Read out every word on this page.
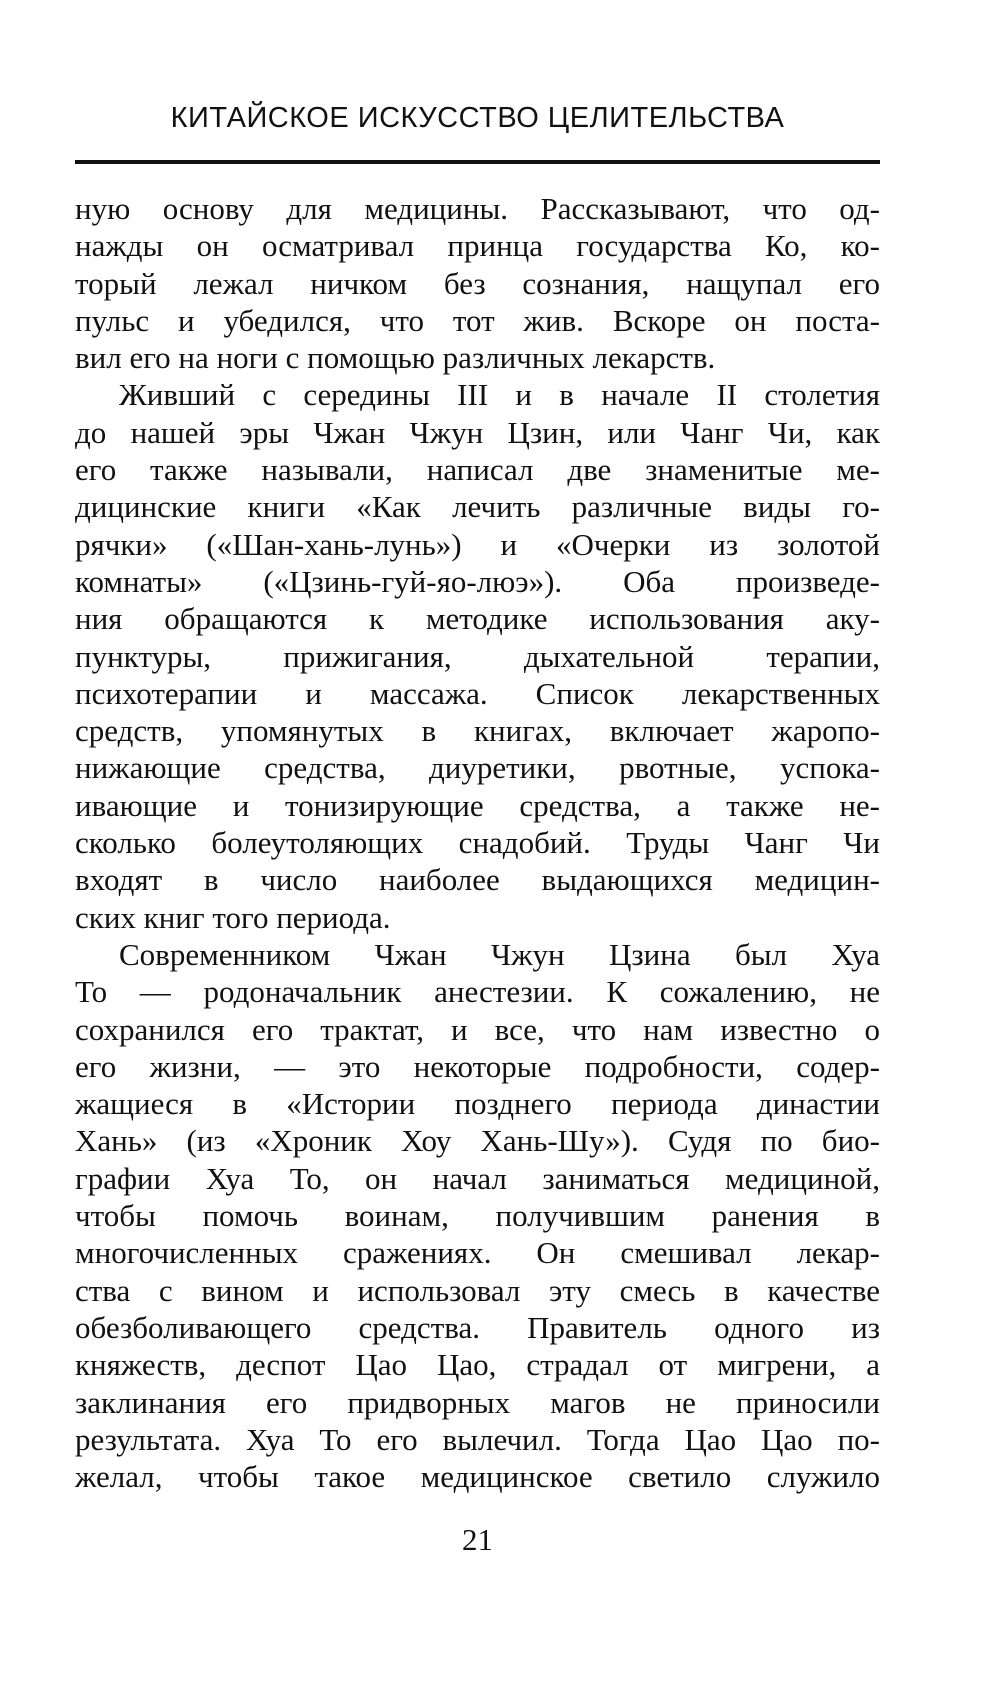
КИТАЙСКОЕ ИСКУССТВО ЦЕЛИТЕЛЬСТВА
ную основу для медицины. Рассказывают, что од-
нажды он осматривал принца государства Ко, ко-
торый лежал ничком без сознания, нащупал его
пульс и убедился, что тот жив. Вскоре он поста-
вил его на ноги с помощью различных лекарств.
Живший с середины III и в начале II столетия
до нашей эры Чжан Чжун Цзин, или Чанг Чи, как
его также называли, написал две знаменитые ме-
дицинские книги «Как лечить различные виды го-
рячки» («Шан-хань-лунь») и «Очерки из золотой
комнаты» («Цзинь-гуй-яо-люэ»). Оба произведе-
ния обращаются к методике использования аку-
пунктуры, прижигания, дыхательной терапии,
психотерапии и массажа. Список лекарственных
средств, упомянутых в книгах, включает жаропо-
нижающие средства, диуретики, рвотные, успока-
ивающие и тонизирующие средства, а также не-
сколько болеутоляющих снадобий. Труды Чанг Чи
входят в число наиболее выдающихся медицин-
ских книг того периода.
Современником Чжан Чжун Цзина был Хуа
То — родоначальник анестезии. К сожалению, не
сохранился его трактат, и все, что нам известно о
его жизни, — это некоторые подробности, содер-
жащиеся в «Истории позднего периода династии
Хань» (из «Хроник Хоу Хань-Шу»). Судя по био-
графии Хуа То, он начал заниматься медициной,
чтобы помочь воинам, получившим ранения в
многочисленных сражениях. Он смешивал лекар-
ства с вином и использовал эту смесь в качестве
обезболивающего средства. Правитель одного из
княжеств, деспот Цао Цао, страдал от мигрени, а
заклинания его придворных магов не приносили
результата. Хуа То его вылечил. Тогда Цао Цао по-
желал, чтобы такое медицинское светило служило
21
